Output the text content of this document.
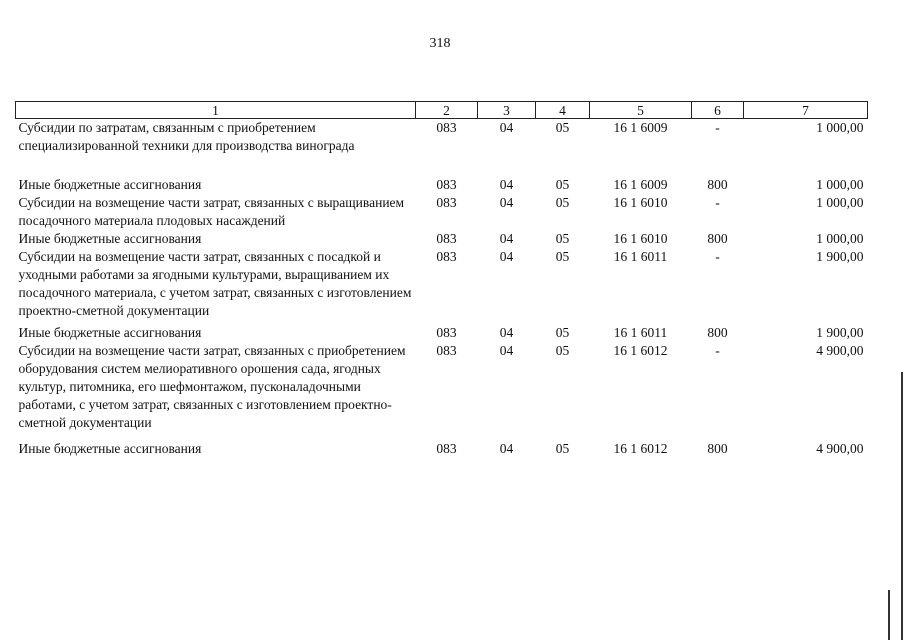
318
1	2	3	4	5	6	7
Субсидии по затратам, связанным с приобретением специализированной техники для производства винограда	083	04	05	16 1 6009	-	1 000,00
Иные бюджетные ассигнования	083	04	05	16 1 6009	800	1 000,00
Субсидии на возмещение части затрат, связанных с выращиванием посадочного материала плодовых насаждений	083	04	05	16 1 6010	-	1 000,00
Иные бюджетные ассигнования	083	04	05	16 1 6010	800	1 000,00
Субсидии на возмещение части затрат, связанных с посадкой и уходными работами за ягодными культурами, выращиванием их посадочного материала, с учетом затрат, связанных с изготовлением проектно-сметной документации	083	04	05	16 1 6011	-	1 900,00
Иные бюджетные ассигнования	083	04	05	16 1 6011	800	1 900,00
Субсидии на возмещение части затрат, связанных с приобретением оборудования систем мелиоративного орошения сада, ягодных культур, питомника, его шефмонтажом, пусконаладочными работами, с учетом затрат, связанных с изготовлением проектно-сметной документации	083	04	05	16 1 6012	-	4 900,00
Иные бюджетные ассигнования	083	04	05	16 1 6012	800	4 900,00
